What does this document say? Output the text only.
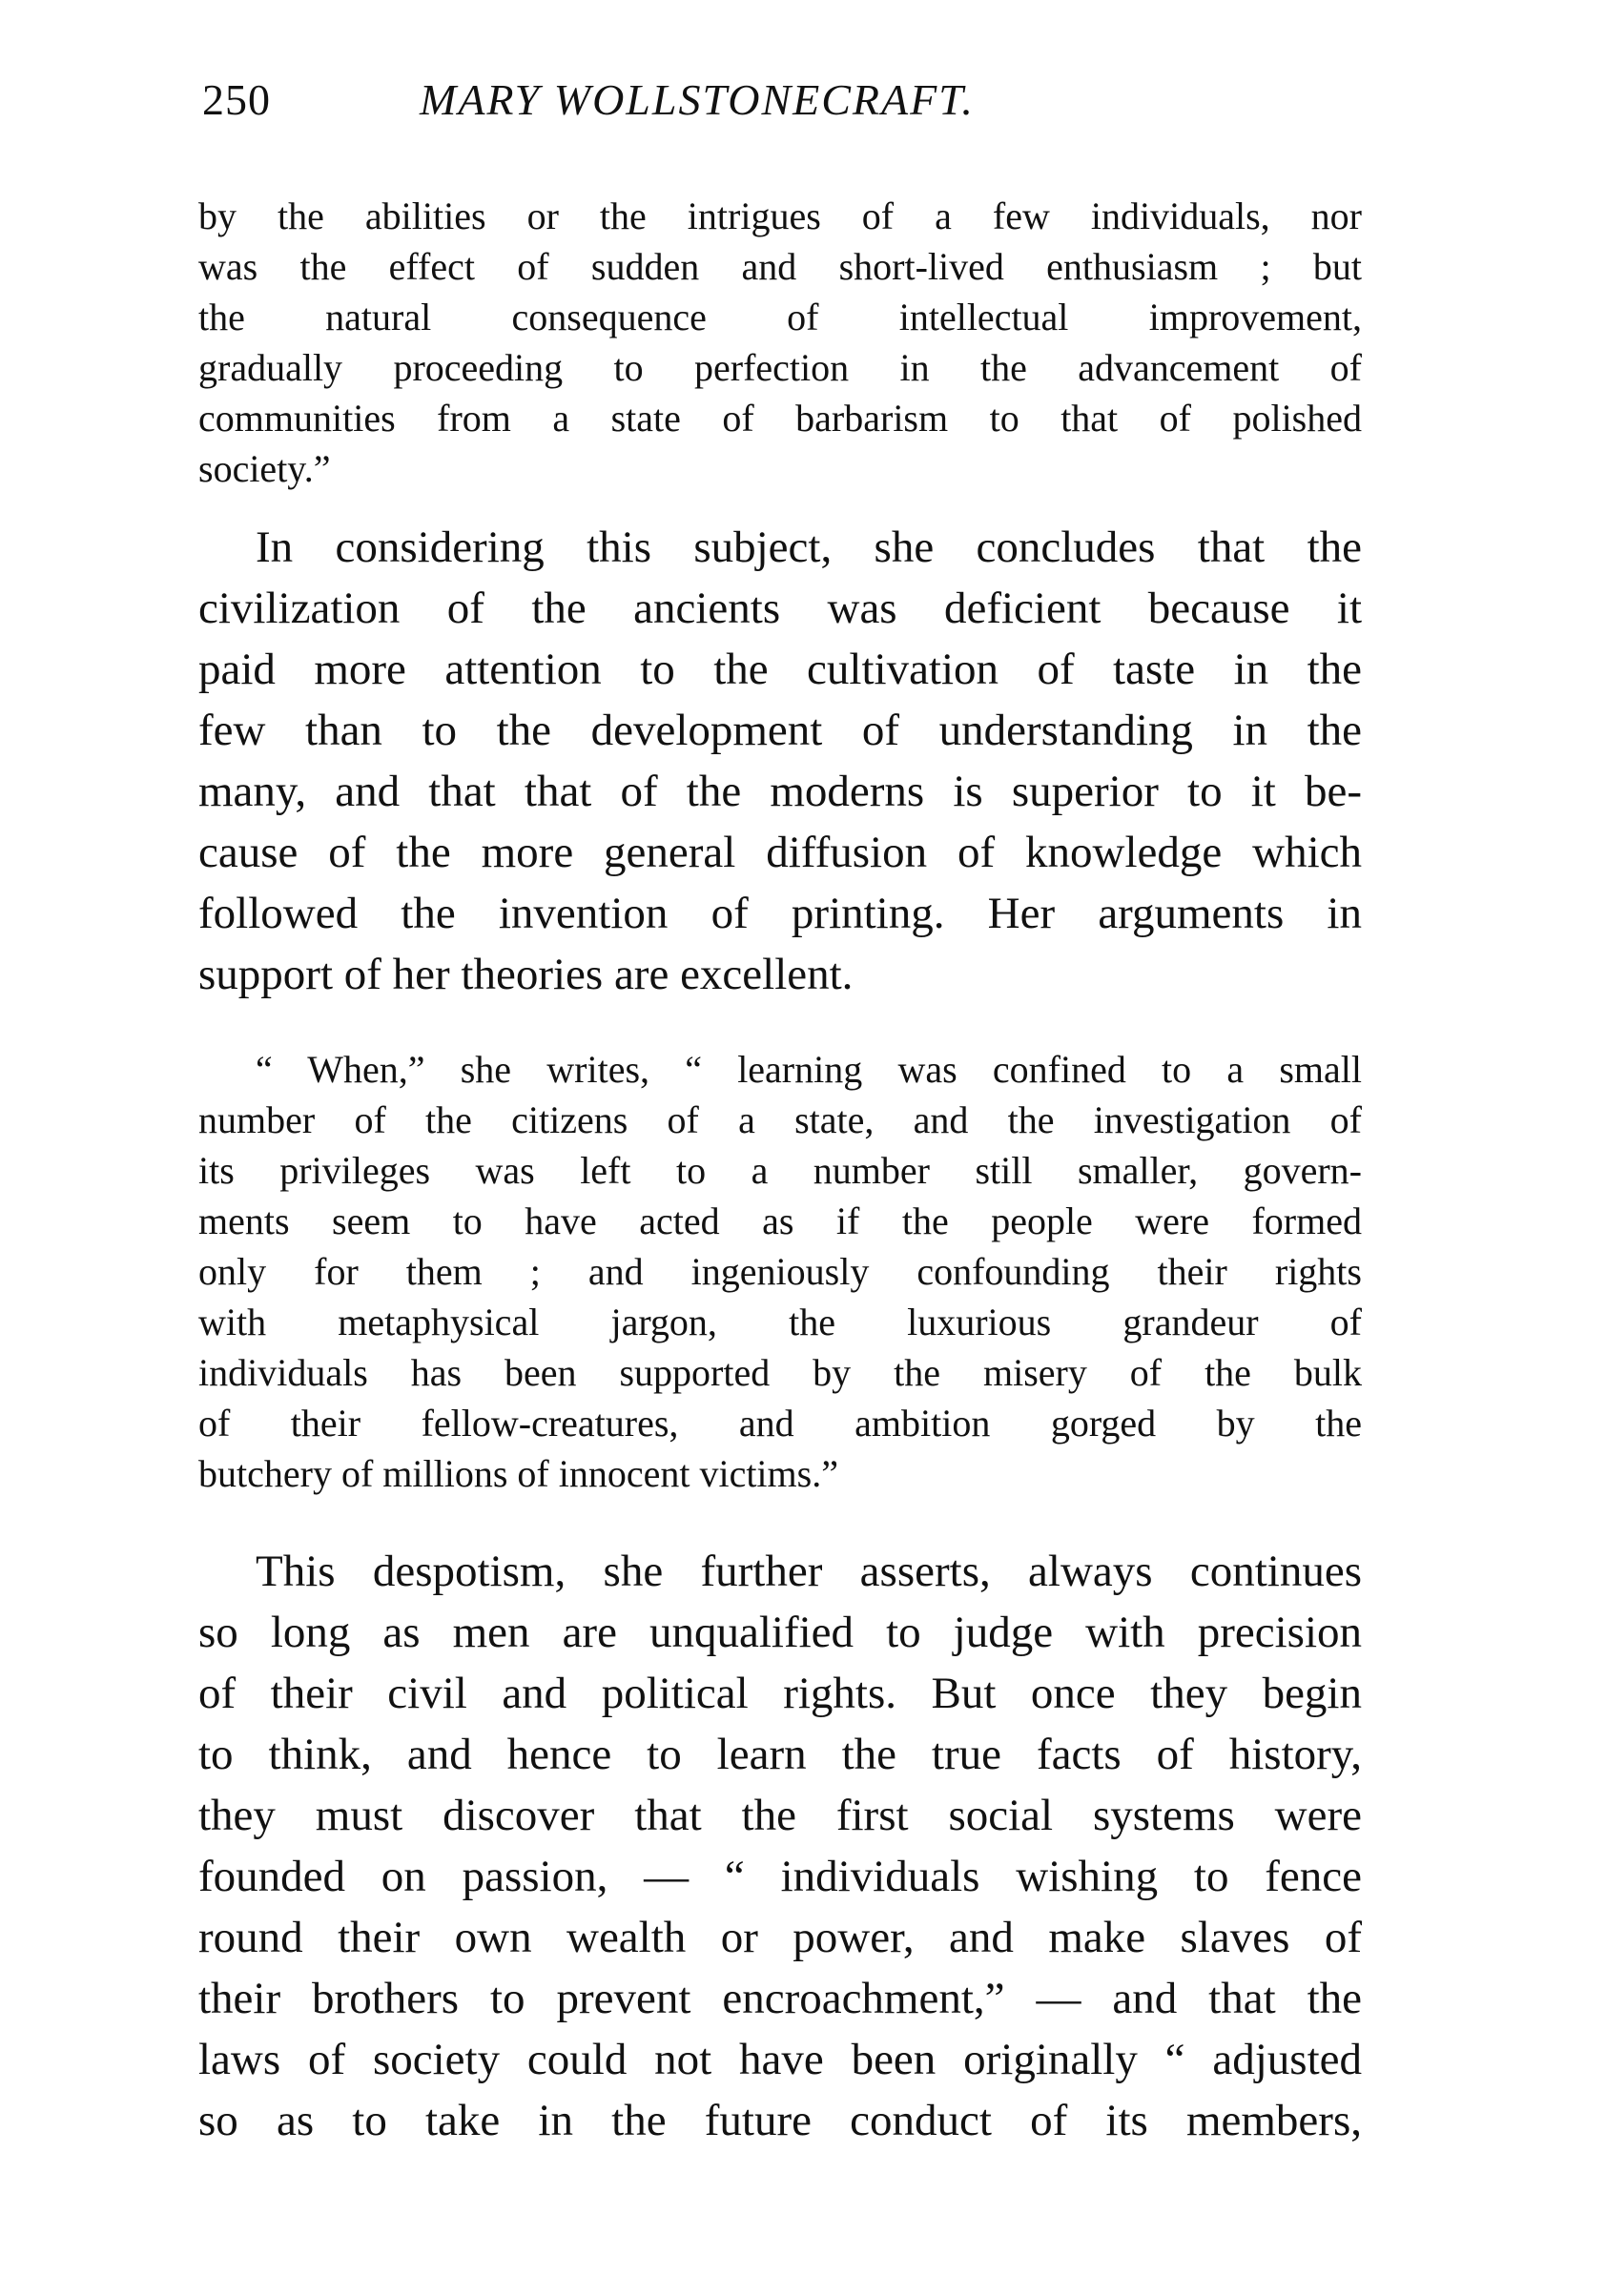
250	MARY WOLLSTONECRAFT.
by the abilities or the intrigues of a few individuals, nor
was the effect of sudden and short-lived enthusiasm ; but
the natural consequence of intellectual improvement,
gradually proceeding to perfection in the advancement of
communities from a state of barbarism to that of polished
society.”
In considering this subject, she concludes that the
civilization of the ancients was deficient because it
paid more attention to the cultivation of taste in the
few than to the development of understanding in the
many, and that that of the moderns is superior to it be-
cause of the more general diffusion of knowledge which
followed the invention of printing. Her arguments in
support of her theories are excellent.
“ When,” she writes, “ learning was confined to a small
number of the citizens of a state, and the investigation of
its privileges was left to a number still smaller, govern-
ments seem to have acted as if the people were formed
only for them ; and ingeniously confounding their rights
with metaphysical jargon, the luxurious grandeur of
individuals has been supported by the misery of the bulk
of their fellow-creatures, and ambition gorged by the
butchery of millions of innocent victims.”
This despotism, she further asserts, always continues
so long as men are unqualified to judge with precision
of their civil and political rights. But once they begin
to think, and hence to learn the true facts of history,
they must discover that the first social systems were
founded on passion, — “ individuals wishing to fence
round their own wealth or power, and make slaves of
their brothers to prevent encroachment,” — and that the
laws of society could not have been originally “ adjusted
so as to take in the future conduct of its members,
